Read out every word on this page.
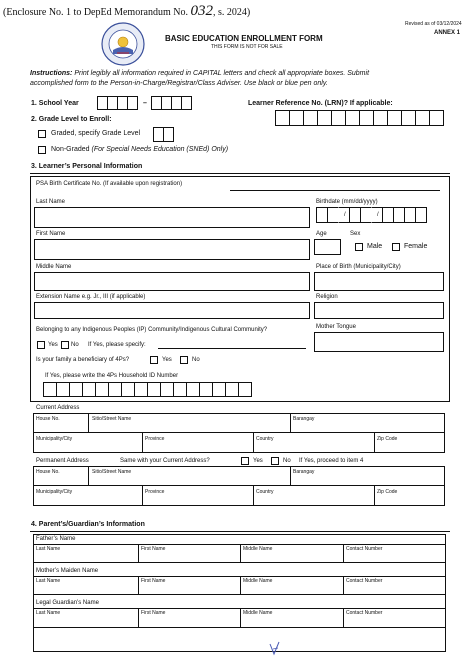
(Enclosure No. 1 to DepEd Memorandum No. 032, s. 2024)
Revised as of 03/12/2024
ANNEX 1
BASIC EDUCATION ENROLLMENT FORM
THIS FORM IS NOT FOR SALE
Instructions: Print legibly all information required in CAPITAL letters and check all appropriate boxes. Submit
accomplished form to the Person-in-Charge/Registrar/Class Adviser. Use black or blue pen only.
1. School Year	–	Learner Reference No. (LRN)? If applicable:
2. Grade Level to Enroll:
Graded, specify Grade Level
Non-Graded (For Special Needs Education (SNEd) Only)
3. Learner’s Personal Information
PSA Birth Certificate No. (If available upon registration)
Last Name	Birthdate (mm/dd/yyyy)
/	/
First Name	Age	Sex
Male	Female
Middle Name	Place of Birth (Municipality/City)
Extension Name e.g. Jr., III (if applicable)	Religion
Belonging to any Indigenous Peoples (IP) Community/Indigenous Cultural Community?	Mother Tongue
Yes No If Yes, please specify:
Is your family a beneficiary of 4Ps?	Yes	No
If Yes, please write the 4Ps Household ID Number
Current Address
House No.	Sitio/Street Name	Barangay
Municipality/City	Province	Country	Zip Code
Permanent Address	Same with your Current Address?	Yes	No If Yes, proceed to item 4
House No.	Sitio/Street Name	Barangay
Municipality/City	Province	Country	Zip Code
4. Parent’s/Guardian’s Information
Father’s Name
Last Name	First Name	Middle Name	Contact Number
Mother’s Maiden Name
Last Name	First Name	Middle Name	Contact Number
Legal Guardian’s Name
Last Name	First Name	Middle Name	Contact Number
